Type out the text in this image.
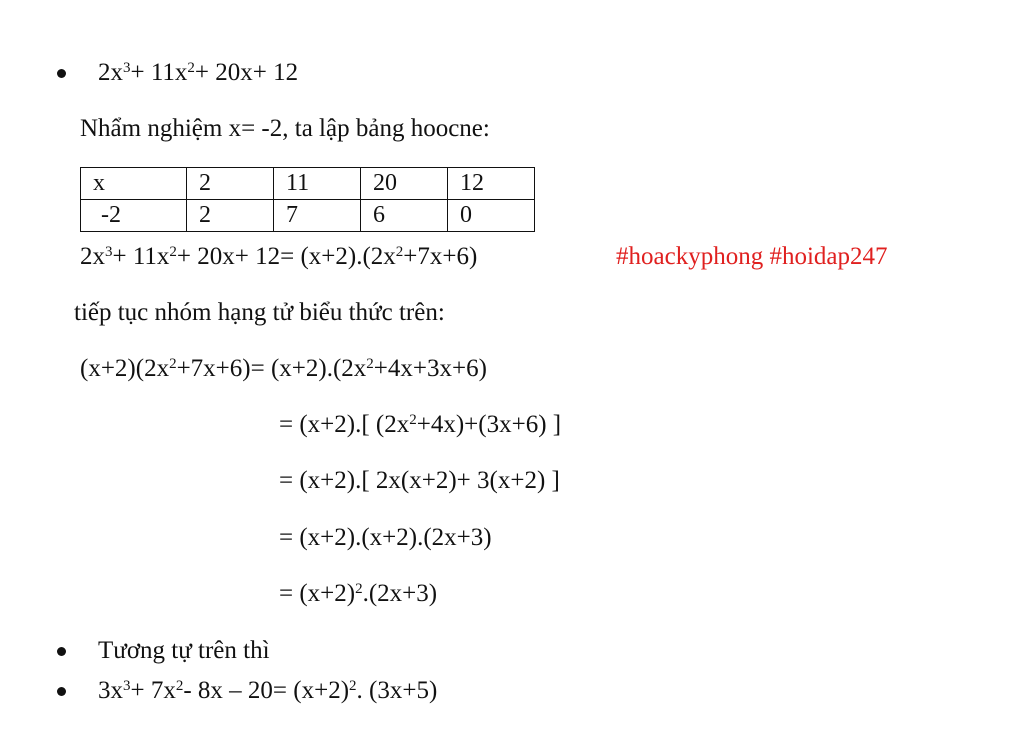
$2x^3+ 11x^2+ 20x+ 12$
Nhẩm nghiệm x= -2, ta lập bảng hoocne:
x	2	11	20	12
-2	2	7	6	0
$2x^3+ 11x^2+ 20x+ 12= (x+2).(2x^2+7x+6)$	#hoackyphong #hoidap247
tiếp tục nhóm hạng tử biểu thức trên:
$(x+2)(2x^2+7x+6)= (x+2).(2x^2+4x+3x+6)$
= (x+2).[ $(2x^2+4x)+(3x+6)$ ]
= (x+2).[ 2x(x+2)+ 3(x+2) ]
= (x+2).(x+2).(2x+3)
= $(x+2)^2.(2x+3)$
Tương tự trên thì
$3x^3+ 7x^2-$ $8x - 20= (x+2)^2$. (3x+5)
